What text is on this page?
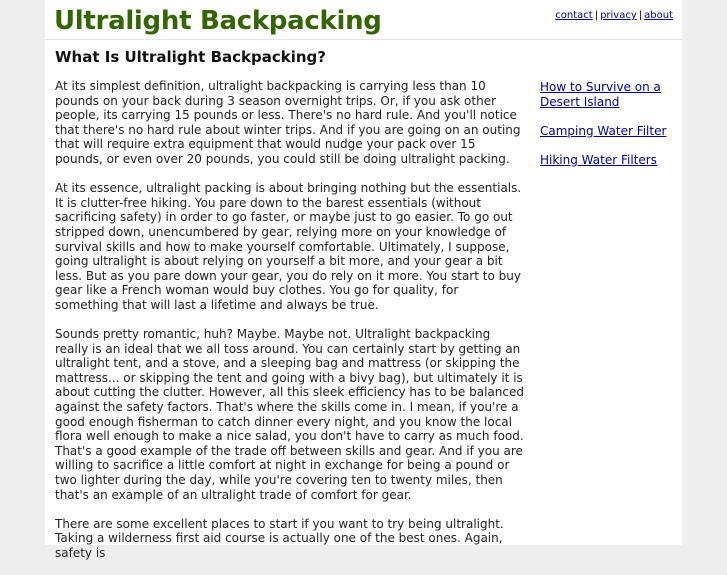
Ultralight Backpacking	contact | privacy | about
What Is Ultralight Backpacking?

At its simplest definition, ultralight backpacking is carrying less than 10 pounds on your back during 3 season overnight trips. Or, if you ask other people, its carrying 15 pounds or less. There's no hard rule. And you'll notice that there's no hard rule about winter trips. And if you are going on an outing that will require extra equipment that would nudge your pack over 15 pounds, or even over 20 pounds, you could still be doing ultralight packing.

At its essence, ultralight packing is about bringing nothing but the essentials. It is clutter-free hiking. You pare down to the barest essentials (without sacrificing safety) in order to go faster, or maybe just to go easier. To go out stripped down, unencumbered by gear, relying more on your knowledge of survival skills and how to make yourself comfortable. Ultimately, I suppose, going ultralight is about relying on yourself a bit more, and your gear a bit less. But as you pare down your gear, you do rely on it more. You start to buy gear like a French woman would buy clothes. You go for quality, for something that will last a lifetime and always be true.

Sounds pretty romantic, huh? Maybe. Maybe not. Ultralight backpacking really is an ideal that we all toss around. You can certainly start by getting an ultralight tent, and a stove, and a sleeping bag and mattress (or skipping the mattress... or skipping the tent and going with a bivy bag), but ultimately it is about cutting the clutter. However, all this sleek efficiency has to be balanced against the safety factors. That's where the skills come in. I mean, if you're a good enough fisherman to catch dinner every night, and you know the local flora well enough to make a nice salad, you don't have to carry as much food. That's a good example of the trade off between skills and gear. And if you are willing to sacrifice a little comfort at night in exchange for being a pound or two lighter during the day, while you're covering ten to twenty miles, then that's an example of an ultralight trade of comfort for gear.

There are some excellent places to start if you want to try being ultralight. Taking a wilderness first aid course is actually one of the best ones. Again, safety is

How to Survive on a Desert Island
Camping Water Filter
Hiking Water Filters
